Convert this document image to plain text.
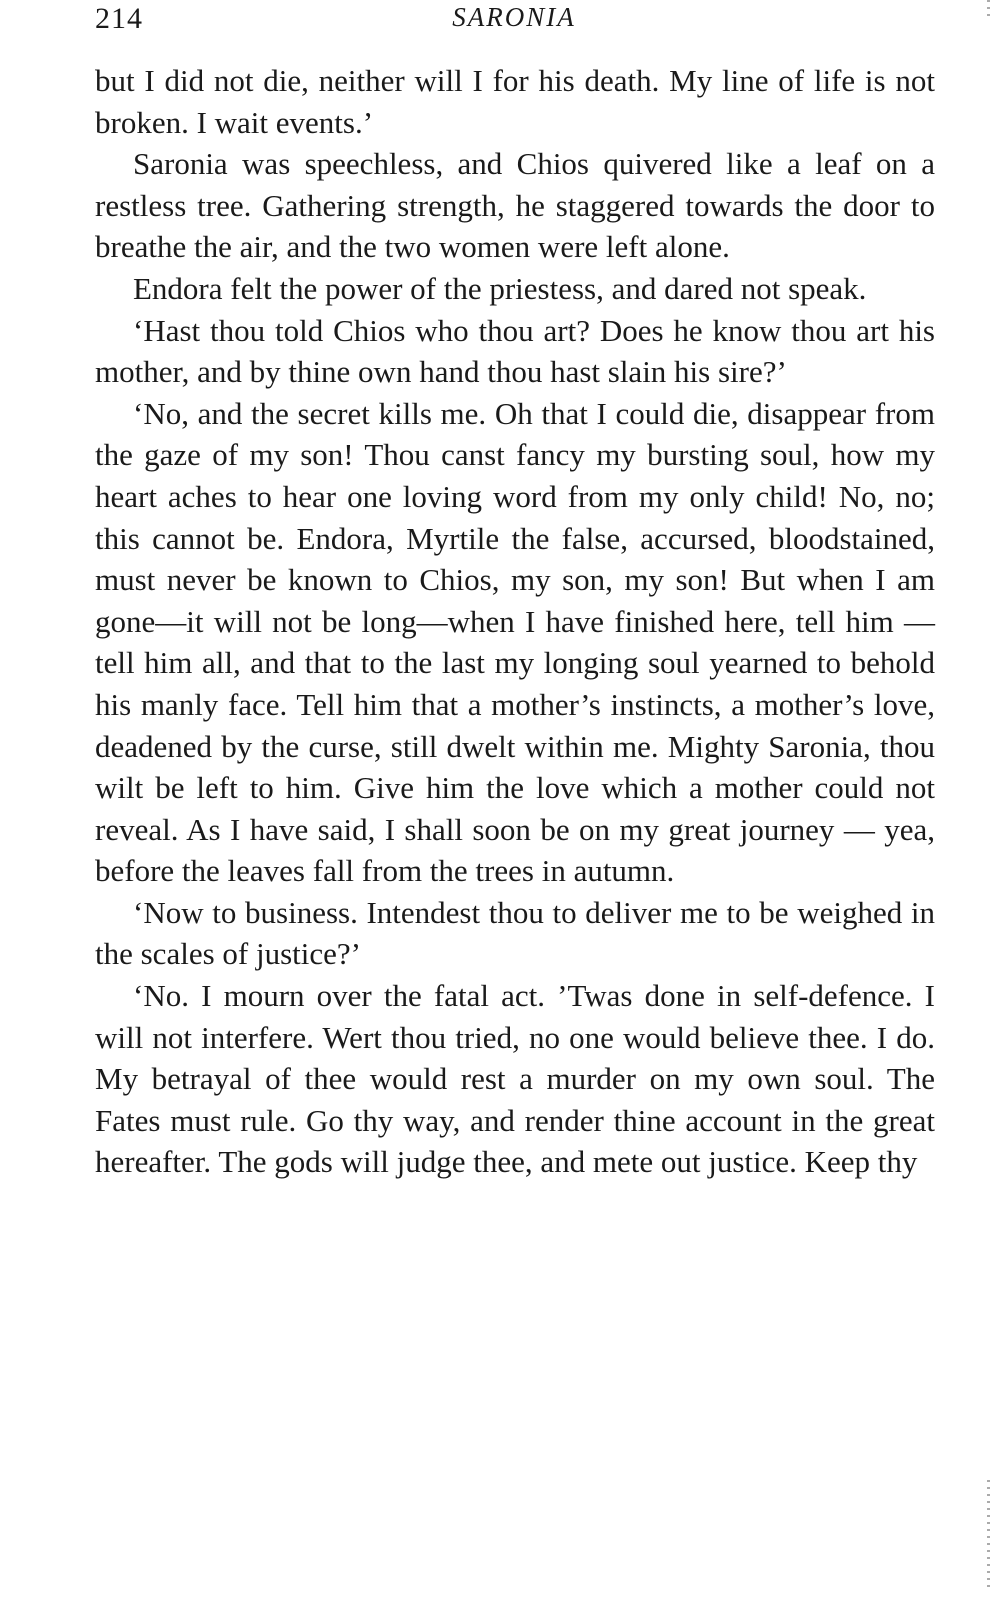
214	SARONIA

but I did not die, neither will I for his death. My line of life is not broken. I wait events.’

Saronia was speechless, and Chios quivered like a leaf on a restless tree. Gathering strength, he staggered towards the door to breathe the air, and the two women were left alone.

Endora felt the power of the priestess, and dared not speak.

‘Hast thou told Chios who thou art? Does he know thou art his mother, and by thine own hand thou hast slain his sire?’

‘No, and the secret kills me. Oh that I could die, disappear from the gaze of my son! Thou canst fancy my bursting soul, how my heart aches to hear one loving word from my only child! No, no; this cannot be. Endora, Myrtile the false, accursed, bloodstained, must never be known to Chios, my son, my son! But when I am gone—it will not be long—when I have finished here, tell him — tell him all, and that to the last my longing soul yearned to behold his manly face. Tell him that a mother’s instincts, a mother’s love, deadened by the curse, still dwelt within me. Mighty Saronia, thou wilt be left to him. Give him the love which a mother could not reveal. As I have said, I shall soon be on my great journey — yea, before the leaves fall from the trees in autumn.

‘Now to business. Intendest thou to deliver me to be weighed in the scales of justice?’

‘No. I mourn over the fatal act. ’Twas done in self-defence. I will not interfere. Wert thou tried, no one would believe thee. I do. My betrayal of thee would rest a murder on my own soul. The Fates must rule. Go thy way, and render thine account in the great hereafter. The gods will judge thee, and mete out justice. Keep thy
